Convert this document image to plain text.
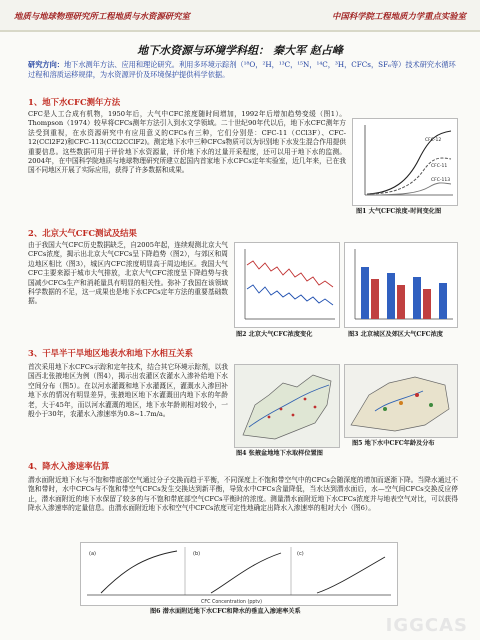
地质与地球物理研究所工程地质与水资源研究室	中国科学院工程地质力学重点实验室
地下水资源与环境学科组： 秦大军 赵占峰
研究方向：地下水测年方法、应用和理论研究。利用多环境示踪剂（¹⁸O，²H，¹³C，¹⁵N，¹⁴C，³H，CFCs，SF₆等）技术研究水循环过程和溶质运移规律，为水资源评价及环境保护提供科学依据。
1、地下水CFC测年方法
CFC是人工合成有机物，1950年后，大气中CFC浓度随时间增加，1992年后增加趋势变缓（图1）。Thompson（1974）较早将CFCs测年方法引入到水文学领域。二十世纪90年代以后，地下水CFC测年方法受到重视，在水资源研究中有应用意义的CFCs有三种，它们分别是：CFC-11（CCl3F）、CFC-12(CCl2F2)和CFC-113(CCl2CClF2)。测定地下水中三种CFCs物质可以为识别地下水发生混合作用提供重要信息。这些数据可用于评价地下水资源量，评价地下水的过量开采程度，还可以用于地下水的监测。2004年，在中国科学院地质与地球物理研究所建立起国内首家地下水CFCs定年实验室，近几年来，已在我国不同地区开展了实际应用，获得了许多数据和成果。
CFC-12
CFC-11
CFC-113
图1 大气CFC浓度-时间变化图
2、北京大气CFC测试及结果
由于我国大气CFC历史数据缺乏，自2005年起，连续观测北京大气CFCs浓度，揭示出北京大气CFCs呈下降趋势（图2），与郊区和周边地区相比（图3），城区内CFC浓度明显高于周边地区。我国大气CFC主要来源于城市大气排放，北京大气CFC浓度呈下降趋势与我国减少CFCs生产和消耗量具有明显的相关性。弥补了我国在该领域科学数据的不足，这一成果也是地下水CFCs定年方法的重要基础数据。
图2 北京大气CFC浓度变化	图3 北京城区及郊区大气CFC浓度
3、干旱半干旱地区地表水和地下水相互关系
首次采用地下水CFCs示踪和定年技术，结合其它环境示踪剂，以我国西北张掖地区为例（图4），揭示出农灌区农灌水入渗补给地下水空间分布（图5）。在以河水灌溉和地下水灌溉区，灌溉水入渗回补地下水的情况有明显差异，张掖地区地下水灌溉田内地下水的年龄老，大于45年，而以河水灌溉的地区，地下水年龄则相对较小，一般小于30年，农灌水入渗速率为0.8~1.7m/a。
图4 张掖盆地地下水取样位置图
图5 地下水中CFC年龄及分布
4、降水入渗速率估算
潜水面附近地下水与不饱和带底部空气通过分子交换而趋于平衡，不同深度上不饱和带空气中的CFCs会随深度的增加而逐渐下降。当降水通过不饱和带时，水中CFCs与不饱和带空气CFCs发生交换达到新平衡，导致水中CFCs含量降低，当水达到潜水面后，水—空气间CFCs交换反应停止，潜水面附近的地下水保留了较多的与不饱和带底部空气CFCs平衡时的浓度。测量潜水面附近地下水CFCs浓度并与地表空气对比，可以获得降水入渗速率的定量信息。由潜水面附近地下水和空气中CFCs浓度可定性地确定出降水入渗速率的相对大小（图6）。
(a)	(b)	(c)
CFC Concentration (pptv)
图6 潜水面附近地下水CFC和降水的垂直入渗速率关系
IGGCAS
